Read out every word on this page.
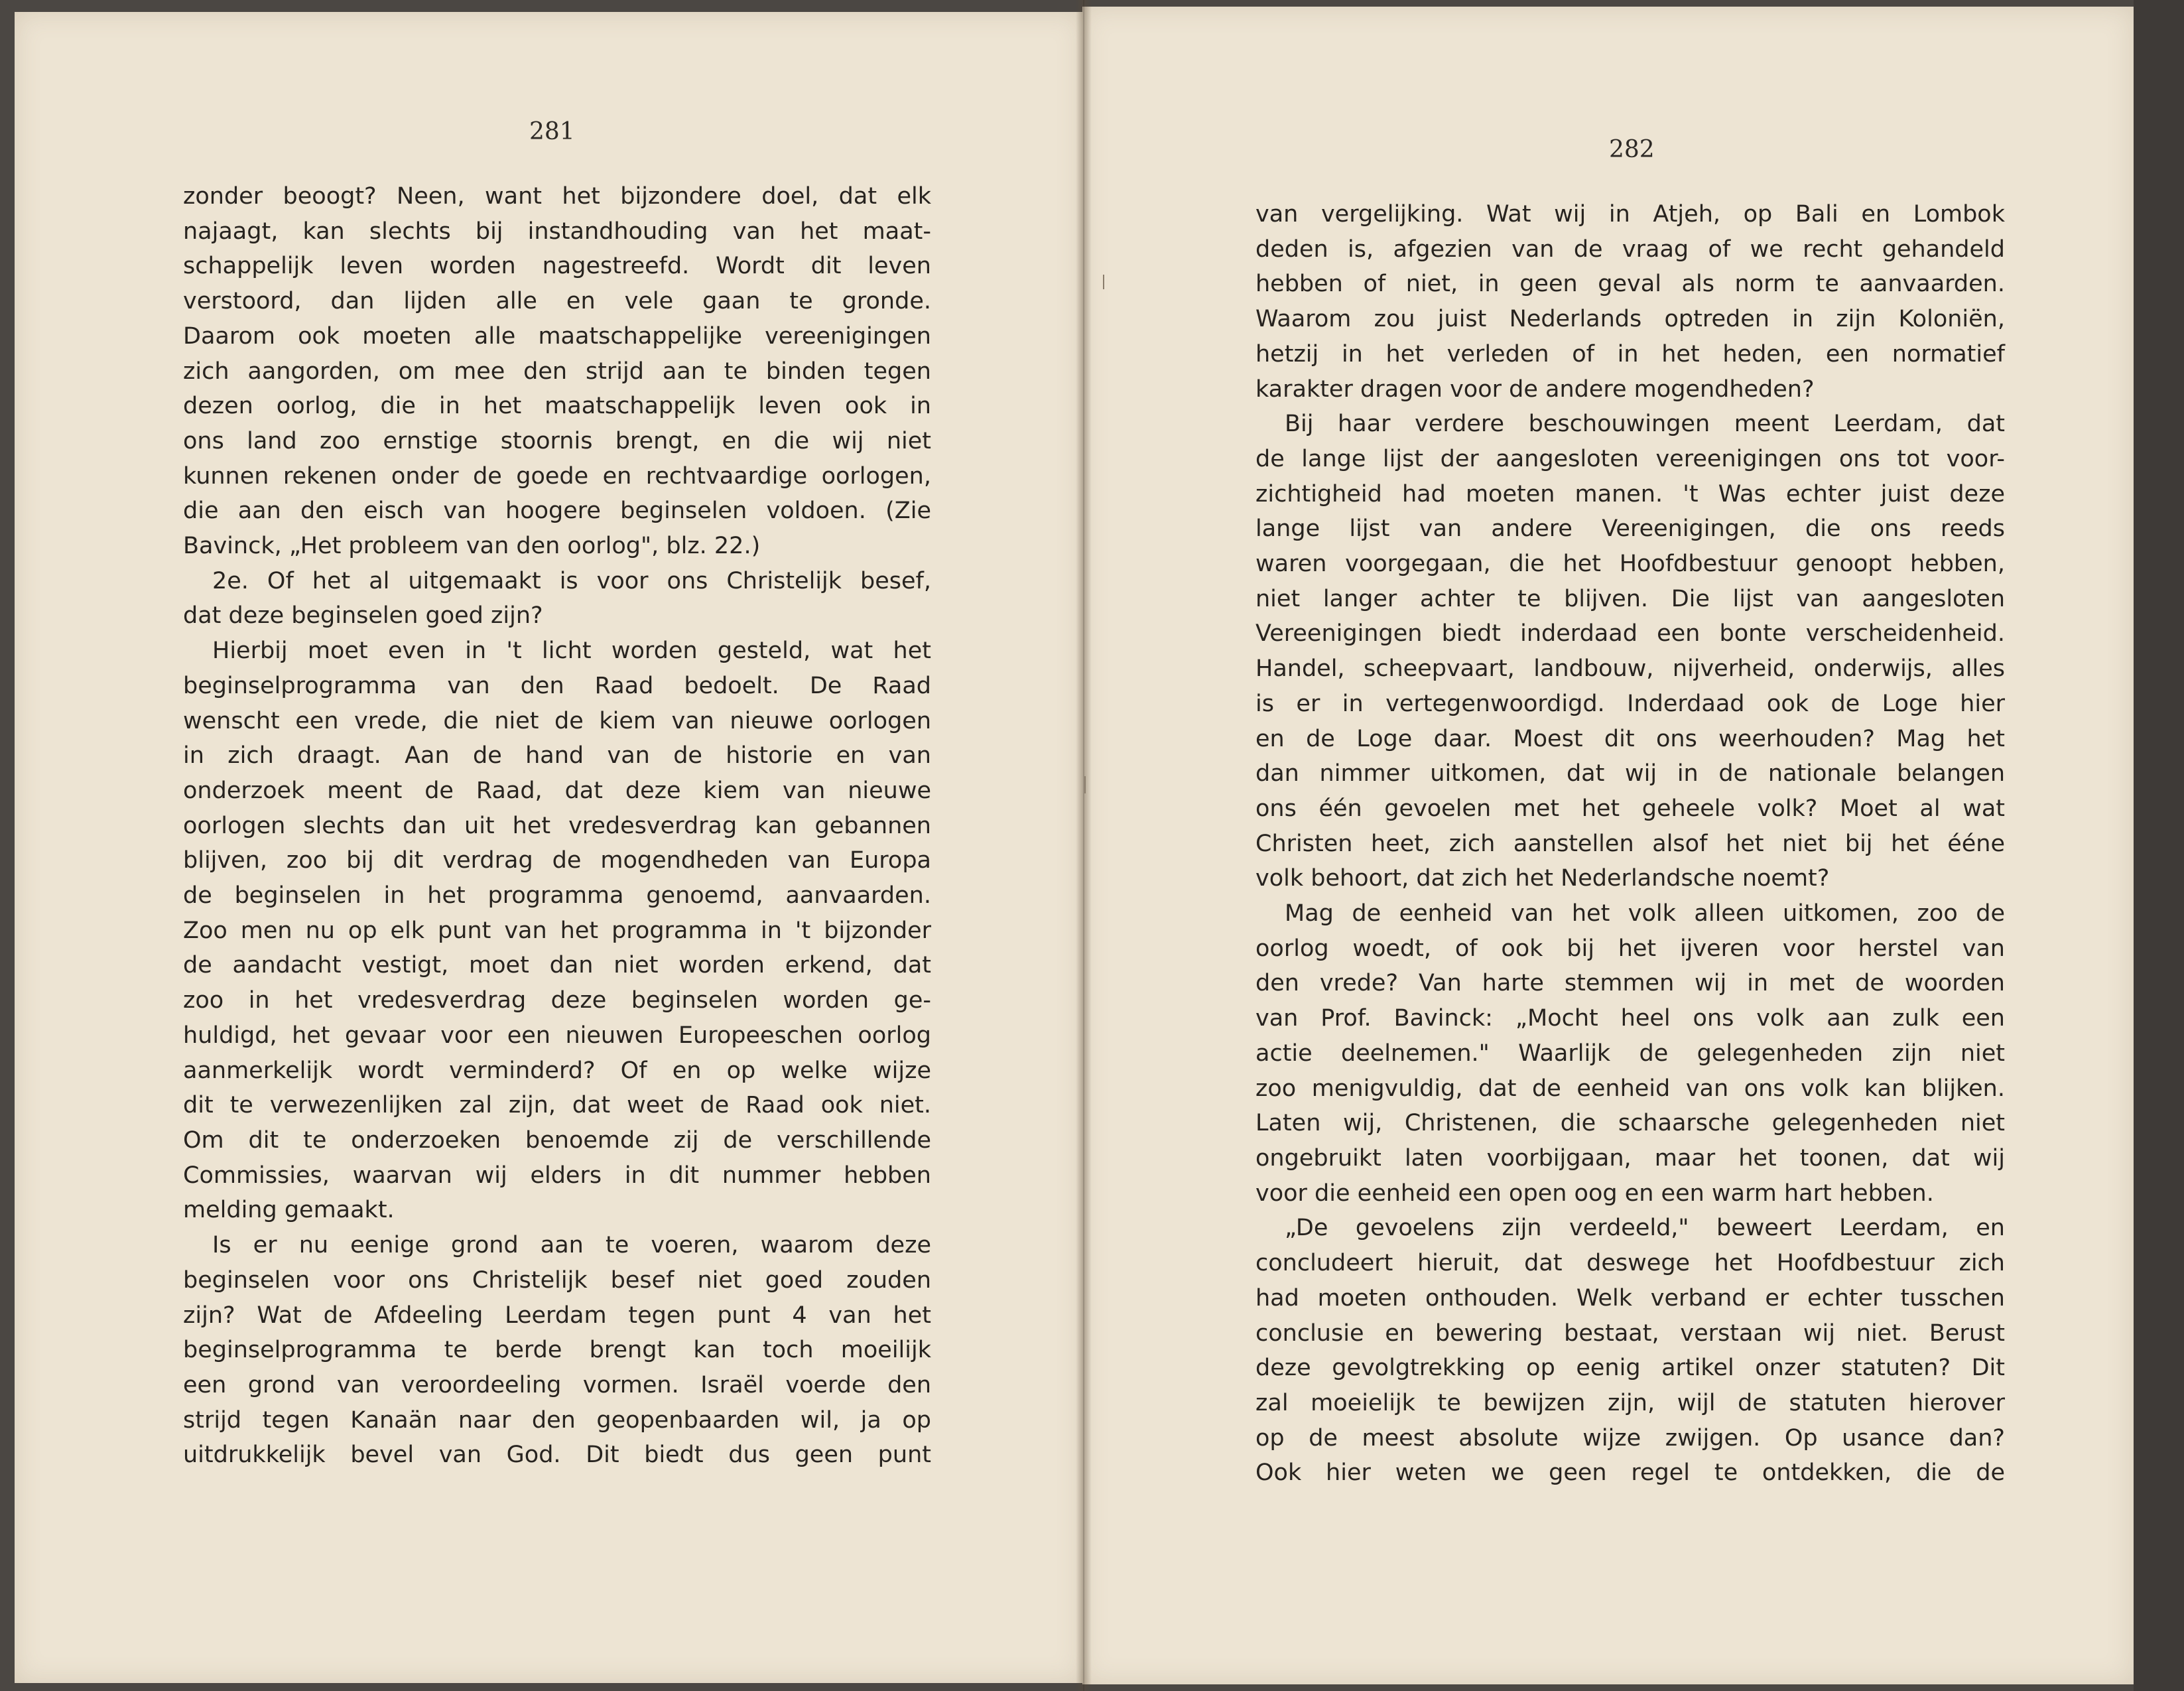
281
282
zonder beoogt? Neen, want het bijzondere doel, dat elk
najaagt, kan slechts bij instandhouding van het maat-
schappelijk leven worden nagestreefd. Wordt dit leven
verstoord, dan lijden alle en vele gaan te gronde.
Daarom ook moeten alle maatschappelijke vereenigingen
zich aangorden, om mee den strijd aan te binden tegen
dezen oorlog, die in het maatschappelijk leven ook in
ons land zoo ernstige stoornis brengt, en die wij niet
kunnen rekenen onder de goede en rechtvaardige oorlogen,
die aan den eisch van hoogere beginselen voldoen. (Zie
Bavinck, „Het probleem van den oorlog", blz. 22.)
2e. Of het al uitgemaakt is voor ons Christelijk besef,
dat deze beginselen goed zijn?
Hierbij moet even in 't licht worden gesteld, wat het
beginselprogramma van den Raad bedoelt. De Raad
wenscht een vrede, die niet de kiem van nieuwe oorlogen
in zich draagt. Aan de hand van de historie en van
onderzoek meent de Raad, dat deze kiem van nieuwe
oorlogen slechts dan uit het vredesverdrag kan gebannen
blijven, zoo bij dit verdrag de mogendheden van Europa
de beginselen in het programma genoemd, aanvaarden.
Zoo men nu op elk punt van het programma in 't bijzonder
de aandacht vestigt, moet dan niet worden erkend, dat
zoo in het vredesverdrag deze beginselen worden ge-
huldigd, het gevaar voor een nieuwen Europeeschen oorlog
aanmerkelijk wordt verminderd? Of en op welke wijze
dit te verwezenlijken zal zijn, dat weet de Raad ook niet.
Om dit te onderzoeken benoemde zij de verschillende
Commissies, waarvan wij elders in dit nummer hebben
melding gemaakt.
Is er nu eenige grond aan te voeren, waarom deze
beginselen voor ons Christelijk besef niet goed zouden
zijn? Wat de Afdeeling Leerdam tegen punt 4 van het
beginselprogramma te berde brengt kan toch moeilijk
een grond van veroordeeling vormen. Israël voerde den
strijd tegen Kanaän naar den geopenbaarden wil, ja op
uitdrukkelijk bevel van God. Dit biedt dus geen punt
van vergelijking. Wat wij in Atjeh, op Bali en Lombok
deden is, afgezien van de vraag of we recht gehandeld
hebben of niet, in geen geval als norm te aanvaarden.
Waarom zou juist Nederlands optreden in zijn Koloniën,
hetzij in het verleden of in het heden, een normatief
karakter dragen voor de andere mogendheden?
Bij haar verdere beschouwingen meent Leerdam, dat
de lange lijst der aangesloten vereenigingen ons tot voor-
zichtigheid had moeten manen. 't Was echter juist deze
lange lijst van andere Vereenigingen, die ons reeds
waren voorgegaan, die het Hoofdbestuur genoopt hebben,
niet langer achter te blijven. Die lijst van aangesloten
Vereenigingen biedt inderdaad een bonte verscheidenheid.
Handel, scheepvaart, landbouw, nijverheid, onderwijs, alles
is er in vertegenwoordigd. Inderdaad ook de Loge hier
en de Loge daar. Moest dit ons weerhouden? Mag het
dan nimmer uitkomen, dat wij in de nationale belangen
ons één gevoelen met het geheele volk? Moet al wat
Christen heet, zich aanstellen alsof het niet bij het ééne
volk behoort, dat zich het Nederlandsche noemt?
Mag de eenheid van het volk alleen uitkomen, zoo de
oorlog woedt, of ook bij het ijveren voor herstel van
den vrede? Van harte stemmen wij in met de woorden
van Prof. Bavinck: „Mocht heel ons volk aan zulk een
actie deelnemen." Waarlijk de gelegenheden zijn niet
zoo menigvuldig, dat de eenheid van ons volk kan blijken.
Laten wij, Christenen, die schaarsche gelegenheden niet
ongebruikt laten voorbijgaan, maar het toonen, dat wij
voor die eenheid een open oog en een warm hart hebben.
„De gevoelens zijn verdeeld," beweert Leerdam, en
concludeert hieruit, dat deswege het Hoofdbestuur zich
had moeten onthouden. Welk verband er echter tusschen
conclusie en bewering bestaat, verstaan wij niet. Berust
deze gevolgtrekking op eenig artikel onzer statuten? Dit
zal moeielijk te bewijzen zijn, wijl de statuten hierover
op de meest absolute wijze zwijgen. Op usance dan?
Ook hier weten we geen regel te ontdekken, die de
